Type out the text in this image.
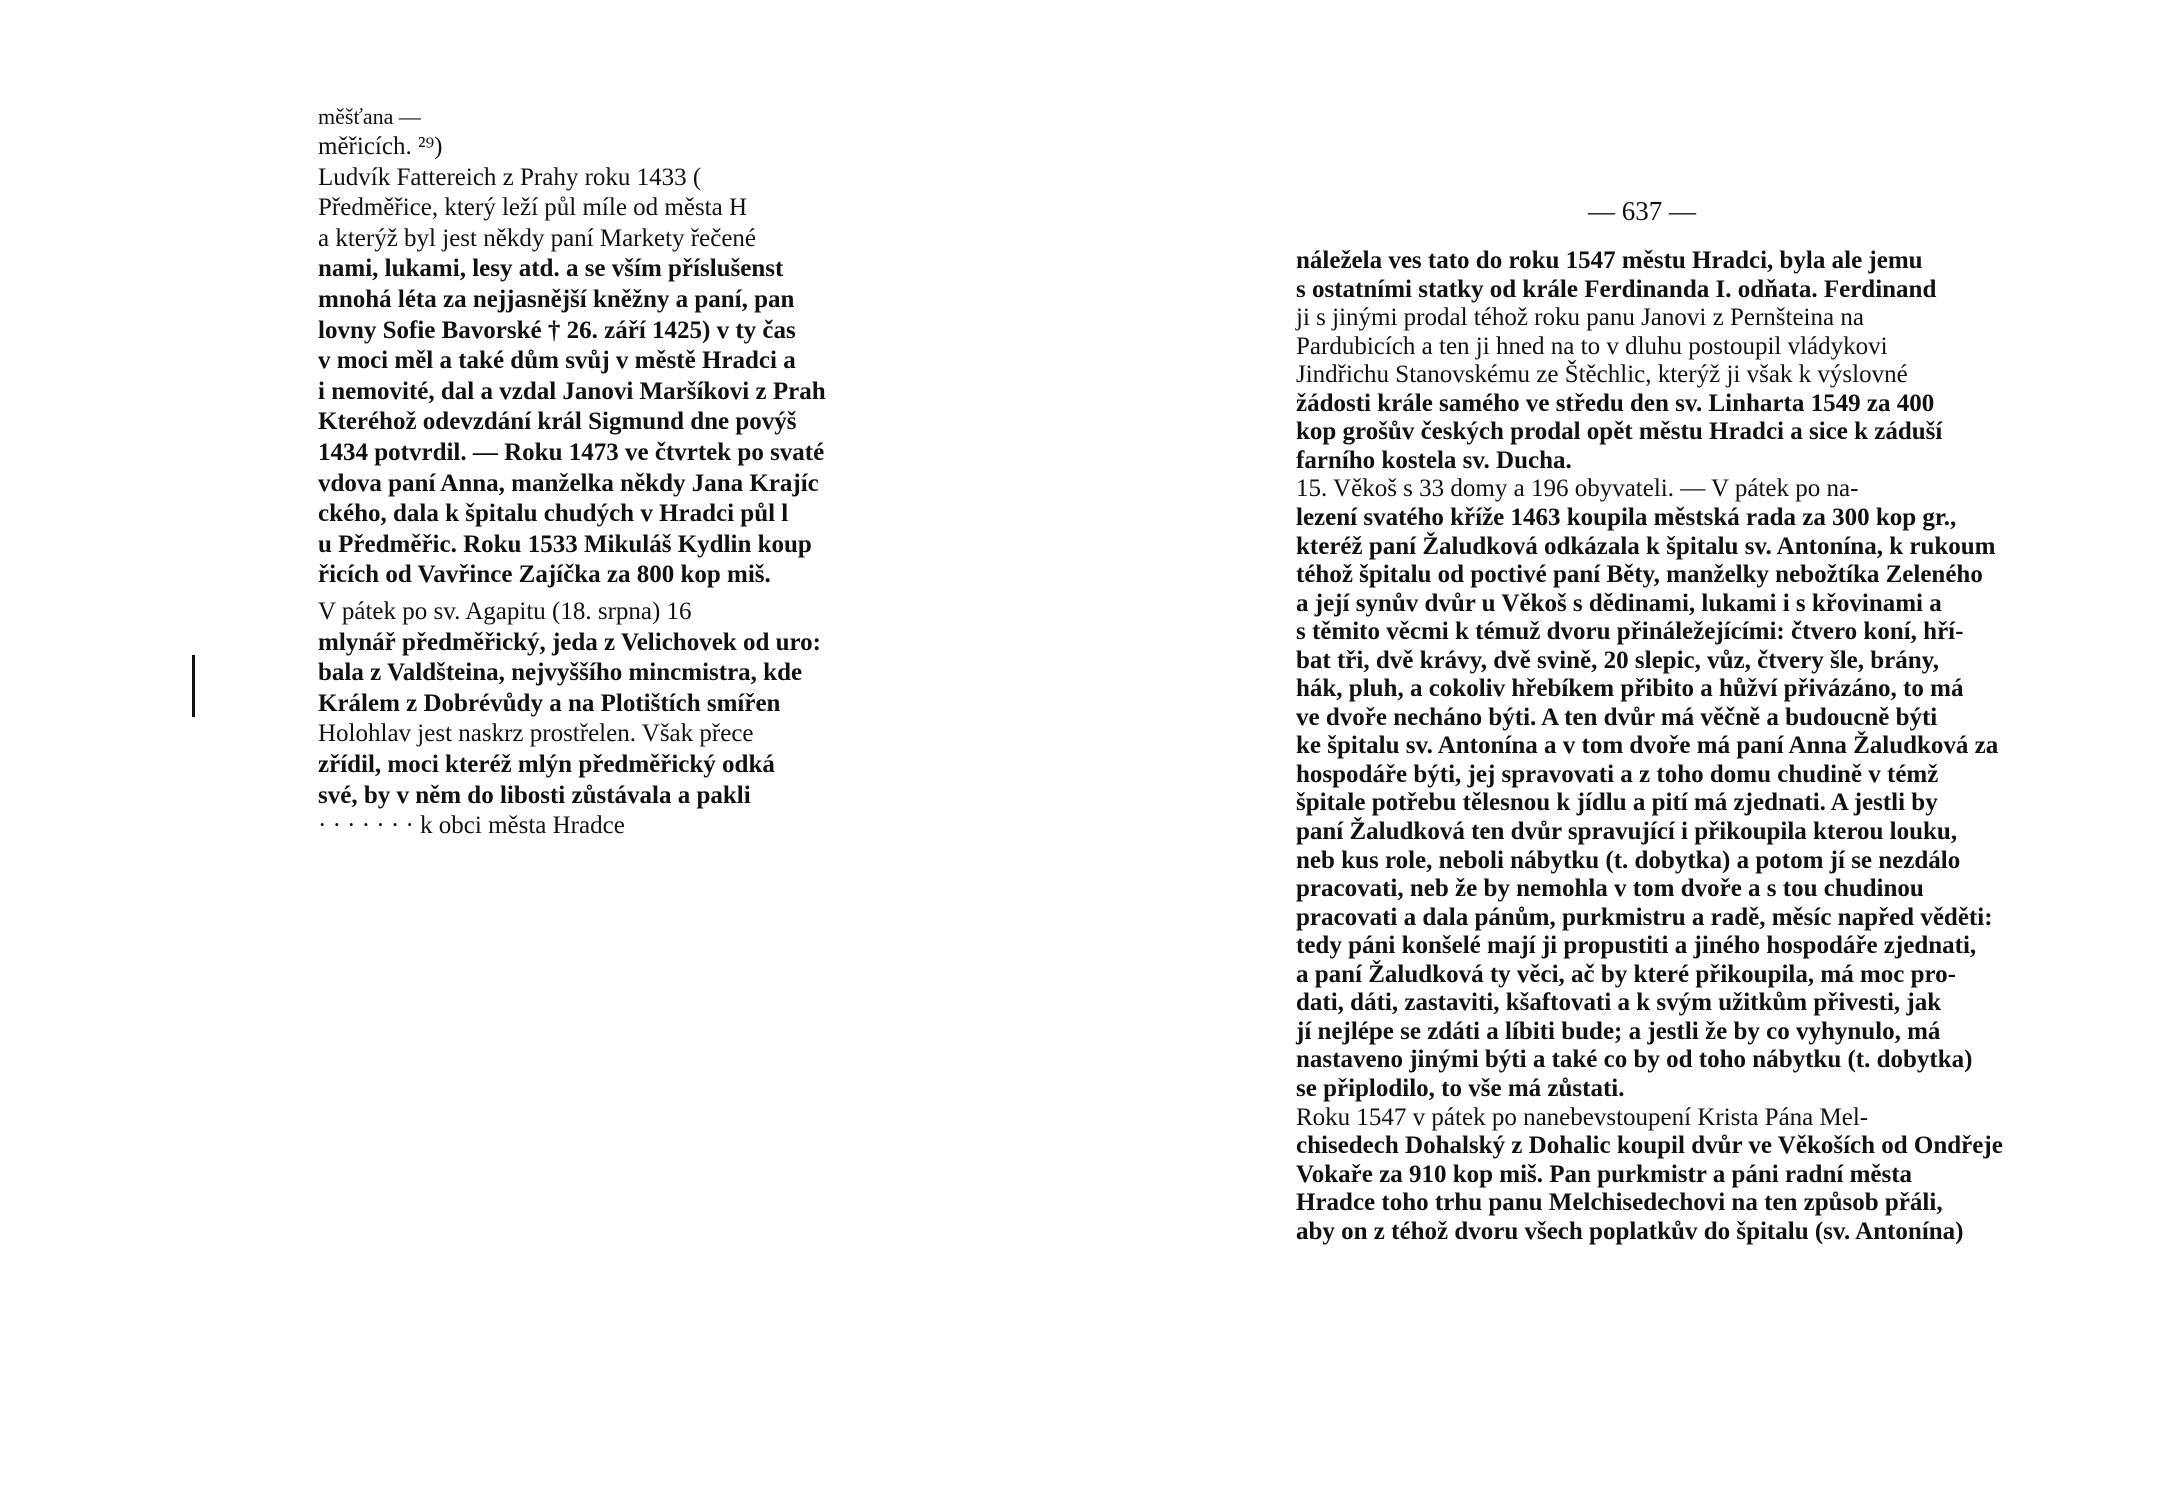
— 637 —
měšťana —
měřicích. ²⁹)
Ludvík Fattereich z Prahy roku 1433 (
Předměřice, který leží půl míle od města H
a kterýž byl jest někdy paní Markety řečené
nami, lukami, lesy atd. a se vším příslušenst
mnohá léta za nejjasnější kněžny a paní, pan
lovny Sofie Bavorské † 26. září 1425) v ty čas
v moci měl a také dům svůj v městě Hradci a
i nemovité, dal a vzdal Janovi Maršíkovi z Prah
Kteréhož odevzdání král Sigmund dne povýš
1434 potvrdil. — Roku 1473 ve čtvrtek po svaté
vdova paní Anna, manželka někdy Jana Krajíc
ckého, dala k špitalu chudých v Hradci půl l
u Předměřic. Roku 1533 Mikuláš Kydlin koup
řicích od Vavřince Zajíčka za 800 kop miš.
V pátek po sv. Agapitu (18. srpna) 16
mlynář předměřický, jeda z Velichovek od uro:
bala z Valdšteina, nejvyššího mincmistra, kde
Králem z Dobrévůdy a na Plotištích smířen
Holohlav jest naskrz prostřelen. Však přece
zřídil, moci kteréž mlýn předměřický odká
své, by v něm do libosti zůstávala a pakli
· · · · · · · k obci města Hradce
náležela ves tato do roku 1547 městu Hradci, byla ale jemu
s ostatními statky od krále Ferdinanda I. odňata. Ferdinand
ji s jinými prodal téhož roku panu Janovi z Pernšteina na
Pardubicích a ten ji hned na to v dluhu postoupil vládykovi
Jindřichu Stanovskému ze Štěchlic, kterýž ji však k výslovné
žádosti krále samého ve středu den sv. Linharta 1549 za 400
kop grošův českých prodal opět městu Hradci a sice k záduší
farního kostela sv. Ducha.
15. Věkoš s 33 domy a 196 obyvateli. — V pátek po na-
lezení svatého kříže 1463 koupila městská rada za 300 kop gr.,
kteréž paní Žaludková odkázala k špitalu sv. Antonína, k rukoum
téhož špitalu od poctivé paní Běty, manželky nebožtíka Zeleného
a její synův dvůr u Věkoš s dědinami, lukami i s křovinami a
s těmito věcmi k témuž dvoru přináležejícími: čtvero koní, hří-
bat tři, dvě krávy, dvě svině, 20 slepic, vůz, čtvery šle, brány,
hák, pluh, a cokoliv hřebíkem přibito a hůžví přivázáno, to má
ve dvoře necháno býti. A ten dvůr má věčně a budoucně býti
ke špitalu sv. Antonína a v tom dvoře má paní Anna Žaludková za
hospodáře býti, jej spravovati a z toho domu chudině v témž
špitale potřebu tělesnou k jídlu a pití má zjednati. A jestli by
paní Žaludková ten dvůr spravující i přikoupila kterou louku,
neb kus role, neboli nábytku (t. dobytka) a potom jí se nezdálo
pracovati, neb že by nemohla v tom dvoře a s tou chudinou
pracovati a dala pánům, purkmistru a radě, měsíc napřed věděti:
tedy páni konšelé mají ji propustiti a jiného hospodáře zjednati,
a paní Žaludková ty věci, ač by které přikoupila, má moc pro-
dati, dáti, zastaviti, kšaftovati a k svým užitkům přivesti, jak
jí nejlépe se zdáti a líbiti bude; a jestli že by co vyhynulo, má
nastaveno jinými býti a také co by od toho nábytku (t. dobytka)
se připlodilo, to vše má zůstati.
Roku 1547 v pátek po nanebevstoupení Krista Pána Mel-
chisedech Dohalský z Dohalic koupil dvůr ve Věkoších od Ondřeje
Vokaře za 910 kop miš. Pan purkmistr a páni radní města
Hradce toho trhu panu Melchisedechovi na ten způsob přáli,
aby on z téhož dvoru všech poplatkův do špitalu (sv. Antonína)
